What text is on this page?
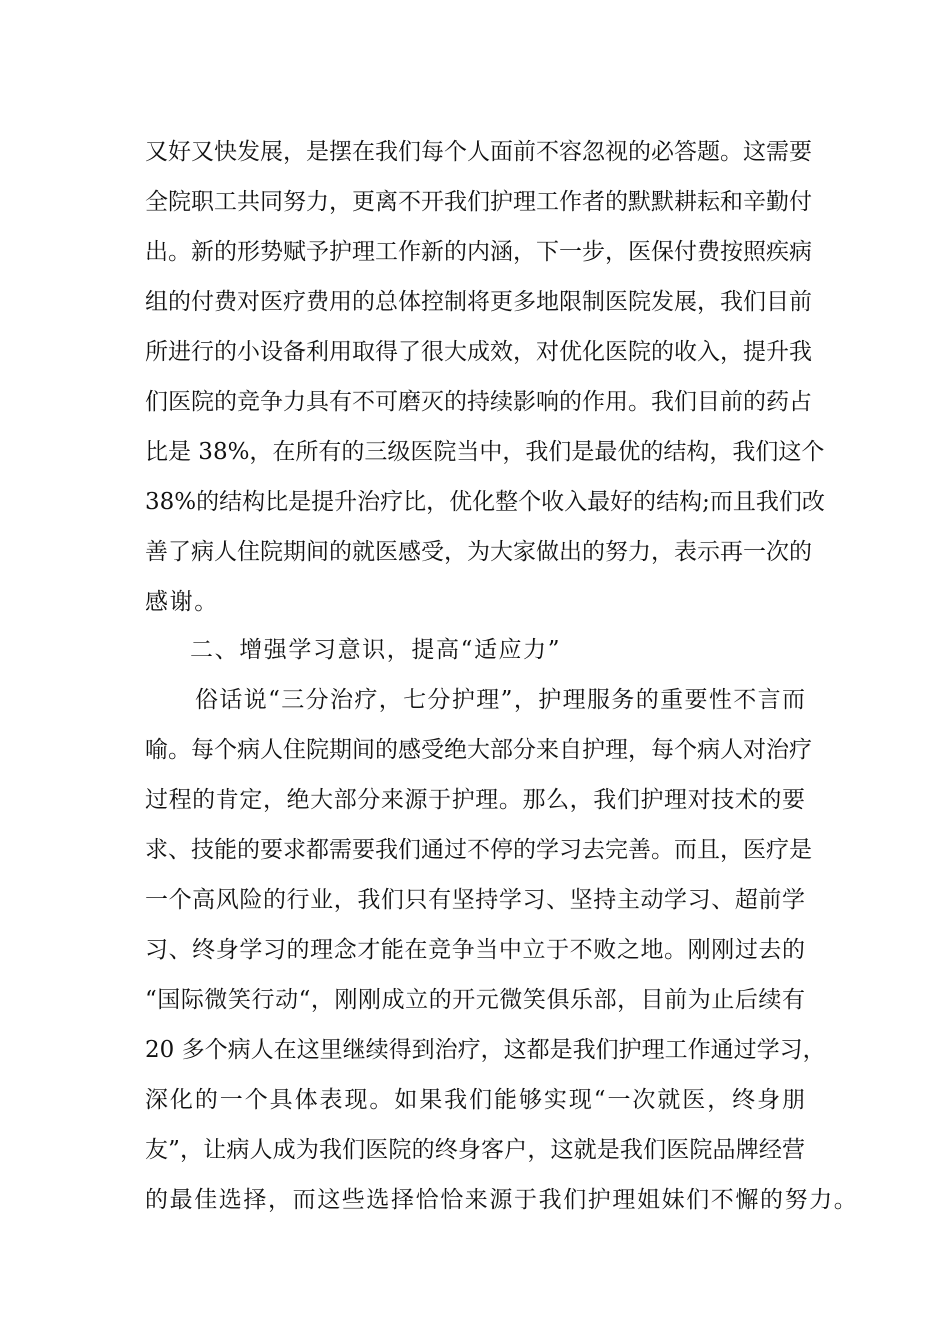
又好又快发展，是摆在我们每个人面前不容忽视的必答题。这需要
全院职工共同努力，更离不开我们护理工作者的默默耕耘和辛勤付
出。新的形势赋予护理工作新的内涵，下一步，医保付费按照疾病
组的付费对医疗费用的总体控制将更多地限制医院发展，我们目前
所进行的小设备利用取得了很大成效，对优化医院的收入，提升我
们医院的竞争力具有不可磨灭的持续影响的作用。我们目前的药占
比是 38%，在所有的三级医院当中，我们是最优的结构，我们这个
38%的结构比是提升治疗比，优化整个收入最好的结构;而且我们改
善了病人住院期间的就医感受，为大家做出的努力，表示再一次的
感谢。
二、增强学习意识，提高“适应力”
俗话说“三分治疗，七分护理”，护理服务的重要性不言而
喻。每个病人住院期间的感受绝大部分来自护理，每个病人对治疗
过程的肯定，绝大部分来源于护理。那么，我们护理对技术的要
求、技能的要求都需要我们通过不停的学习去完善。而且，医疗是
一个高风险的行业，我们只有坚持学习、坚持主动学习、超前学
习、终身学习的理念才能在竞争当中立于不败之地。刚刚过去的
“国际微笑行动“，刚刚成立的开元微笑俱乐部，目前为止后续有
20 多个病人在这里继续得到治疗，这都是我们护理工作通过学习，
深化的一个具体表现。如果我们能够实现“一次就医，终身朋
友”，让病人成为我们医院的终身客户，这就是我们医院品牌经营
的最佳选择，而这些选择恰恰来源于我们护理姐妹们不懈的努力。
